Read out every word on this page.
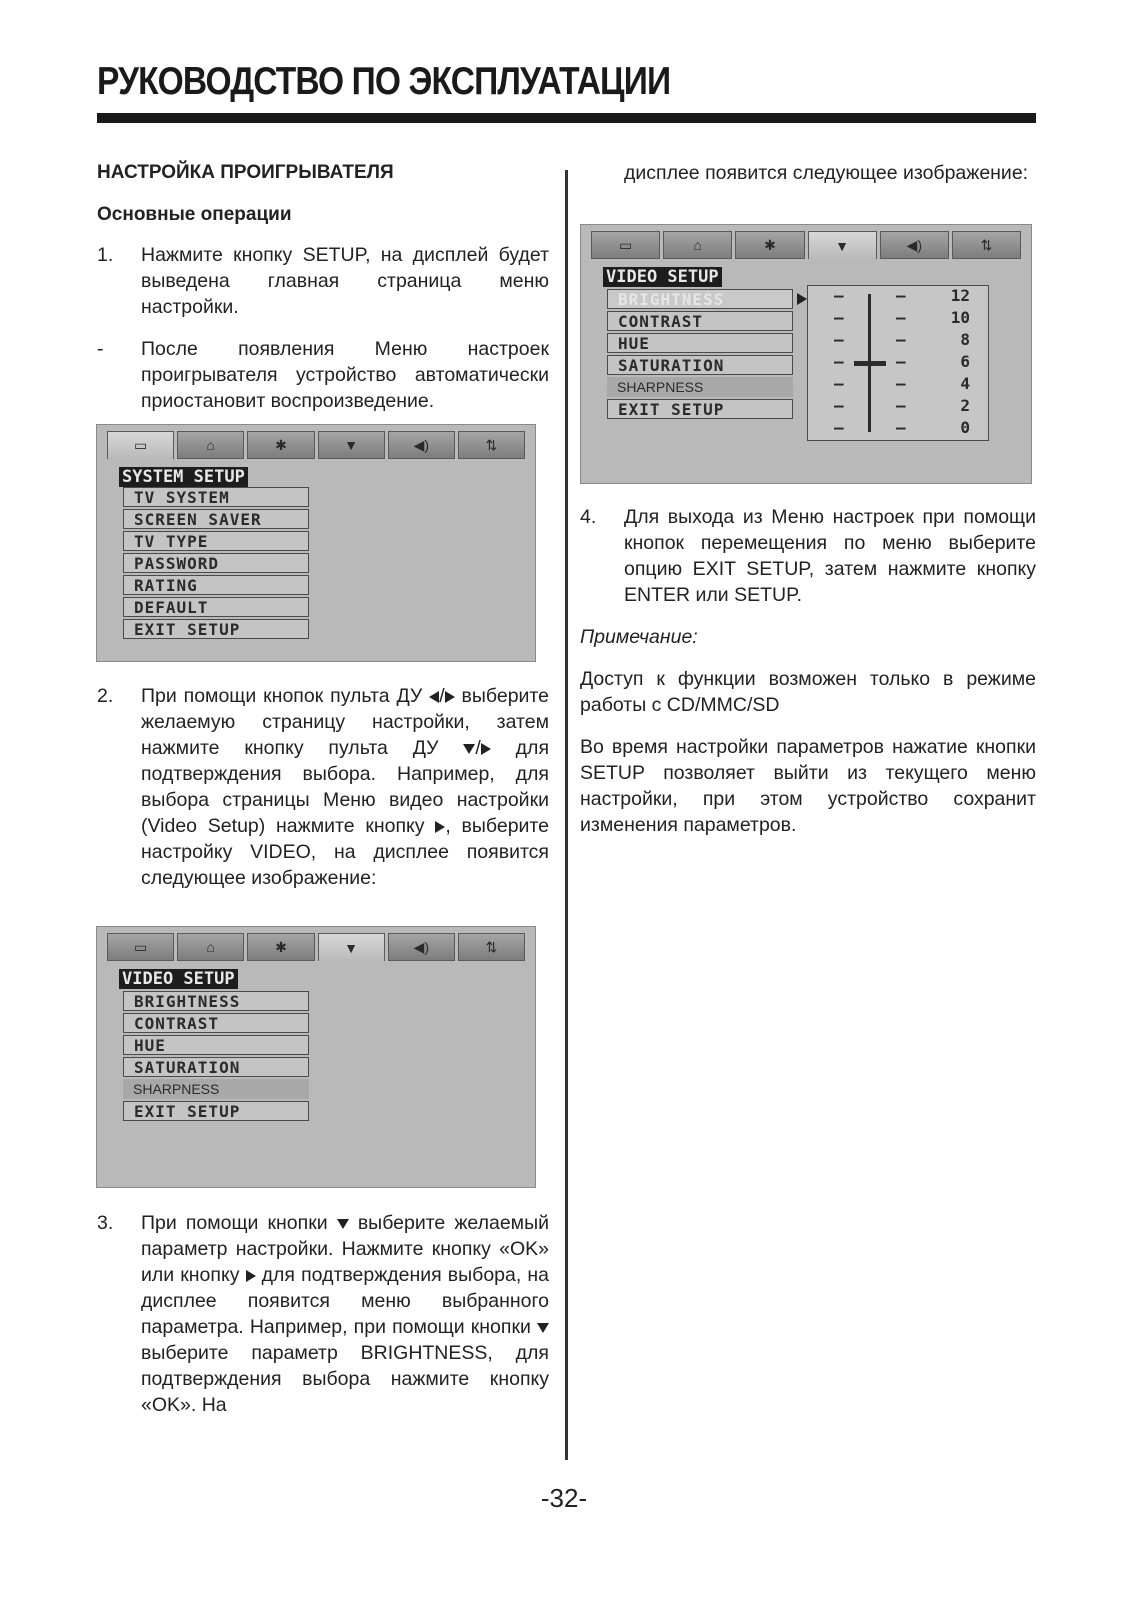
РУКОВОДСТВО ПО ЭКСПЛУАТАЦИИ
НАСТРОЙКА ПРОИГРЫВАТЕЛЯ
Основные операции
1.	Нажмите кнопку SETUP, на дисплей будет выведена главная страница меню настройки.
-	После появления Меню настроек проигрывателя устройство автоматически приостановит воспроизведение.
▭	⌂	✱	▼	◀)	⇅
SYSTEM SETUP
TV SYSTEM
SCREEN SAVER
TV TYPE
PASSWORD
RATING
DEFAULT
EXIT SETUP
2.	При помощи кнопок пульта ДУ / выберите желаемую страницу настройки, затем нажмите кнопку пульта ДУ / для подтверждения выбора. Например, для выбора страницы Меню видео настройки (Video Setup) нажмите кнопку , выберите настройку VIDEO, на дисплее появится следующее изображение:
▭	⌂	✱	▼	◀)	⇅
VIDEO SETUP
BRIGHTNESS
CONTRAST
HUE
SATURATION
SHARPNESS
EXIT SETUP
3.	При помощи кнопки  выберите желаемый параметр настройки. Нажмите кнопку «OK» или кнопку  для подтверждения выбора, на дисплее появится меню выбранного параметра. Например, при помощи кнопки  выберите параметр BRIGHTNESS, для подтверждения выбора нажмите кнопку «OK». На
дисплее появится следующее изображение:
▭	⌂	✱	▼	◀)	⇅
VIDEO SETUP
BRIGHTNESS
CONTRAST
HUE
SATURATION
SHARPNESS
EXIT SETUP
—	—	12
—	—	10
—	—	8
—	—	6
—	—	4
—	—	2
—	—	0
4.	Для выхода из Меню настроек при помощи кнопок перемещения по меню выберите опцию EXIT SETUP, затем нажмите кнопку ENTER или SETUP.
Примечание:
Доступ к функции возможен только в режиме работы с CD/MMC/SD
Во время настройки параметров нажатие кнопки SETUP позволяет выйти из текущего меню настройки, при этом устройство сохранит изменения параметров.
-32-
